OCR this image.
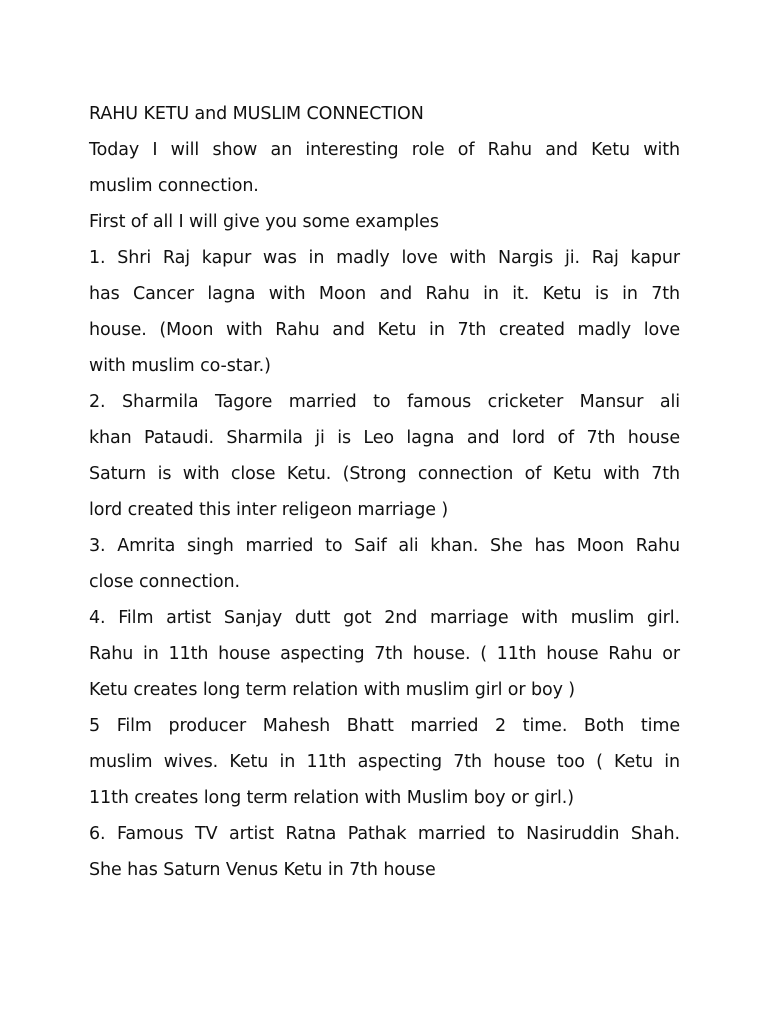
RAHU KETU and MUSLIM CONNECTION
Today I will show an interesting role of Rahu and Ketu with
muslim connection.
First of all I will give you some examples
1. Shri Raj kapur was in madly love with Nargis ji. Raj kapur
has Cancer lagna with Moon and Rahu in it. Ketu is in 7th
house. (Moon with Rahu and Ketu in 7th created madly love
with muslim co-star.)
2. Sharmila Tagore married to famous cricketer Mansur ali
khan Pataudi. Sharmila ji is Leo lagna and lord of 7th house
Saturn is with close Ketu. (Strong connection of Ketu with 7th
lord created this inter religeon marriage )
3. Amrita singh married to Saif ali khan. She has Moon Rahu
close connection.
4. Film artist Sanjay dutt got 2nd marriage with muslim girl.
Rahu in 11th house aspecting 7th house. ( 11th house Rahu or
Ketu creates long term relation with muslim girl or boy )
5 Film producer Mahesh Bhatt married 2 time. Both time
muslim wives. Ketu in 11th aspecting 7th house too ( Ketu in
11th creates long term relation with Muslim boy or girl.)
6. Famous TV artist Ratna Pathak married to Nasiruddin Shah.
She has Saturn Venus Ketu in 7th house
